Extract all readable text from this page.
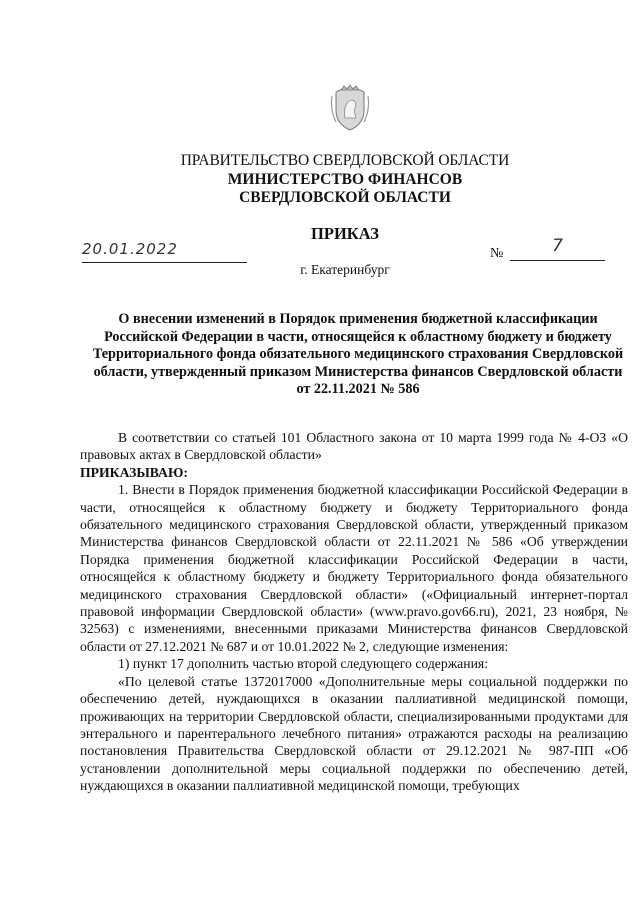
ПРАВИТЕЛЬСТВО СВЕРДЛОВСКОЙ ОБЛАСТИ
МИНИСТЕРСТВО ФИНАНСОВ
СВЕРДЛОВСКОЙ ОБЛАСТИ
ПРИКАЗ
20.01.2022	№	7
г. Екатеринбург
О внесении изменений в Порядок применения бюджетной классификации Российской Федерации в части, относящейся к областному бюджету и бюджету Территориального фонда обязательного медицинского страхования Свердловской области, утвержденный приказом Министерства финансов Свердловской области от 22.11.2021 № 586

В соответствии со статьей 101 Областного закона от 10 марта 1999 года № 4-ОЗ «О правовых актах в Свердловской области»

ПРИКАЗЫВАЮ:

1. Внести в Порядок применения бюджетной классификации Российской Федерации в части, относящейся к областному бюджету и бюджету Территориального фонда обязательного медицинского страхования Свердловской области, утвержденный приказом Министерства финансов Свердловской области от 22.11.2021 № 586 «Об утверждении Порядка применения бюджетной классификации Российской Федерации в части, относящейся к областному бюджету и бюджету Территориального фонда обязательного медицинского страхования Свердловской области» («Официальный интернет-портал правовой информации Свердловской области» (www.pravo.gov66.ru), 2021, 23 ноября, № 32563) с изменениями, внесенными приказами Министерства финансов Свердловской области от 27.12.2021 № 687 и от 10.01.2022 № 2, следующие изменения:

1) пункт 17 дополнить частью второй следующего содержания:

«По целевой статье 1372017000 «Дополнительные меры социальной поддержки по обеспечению детей, нуждающихся в оказании паллиативной медицинской помощи, проживающих на территории Свердловской области, специализированными продуктами для энтерального и парентерального лечебного питания» отражаются расходы на реализацию постановления Правительства Свердловской области от 29.12.2021 № 987-ПП «Об установлении дополнительной меры социальной поддержки по обеспечению детей, нуждающихся в оказании паллиативной медицинской помощи, требующих
